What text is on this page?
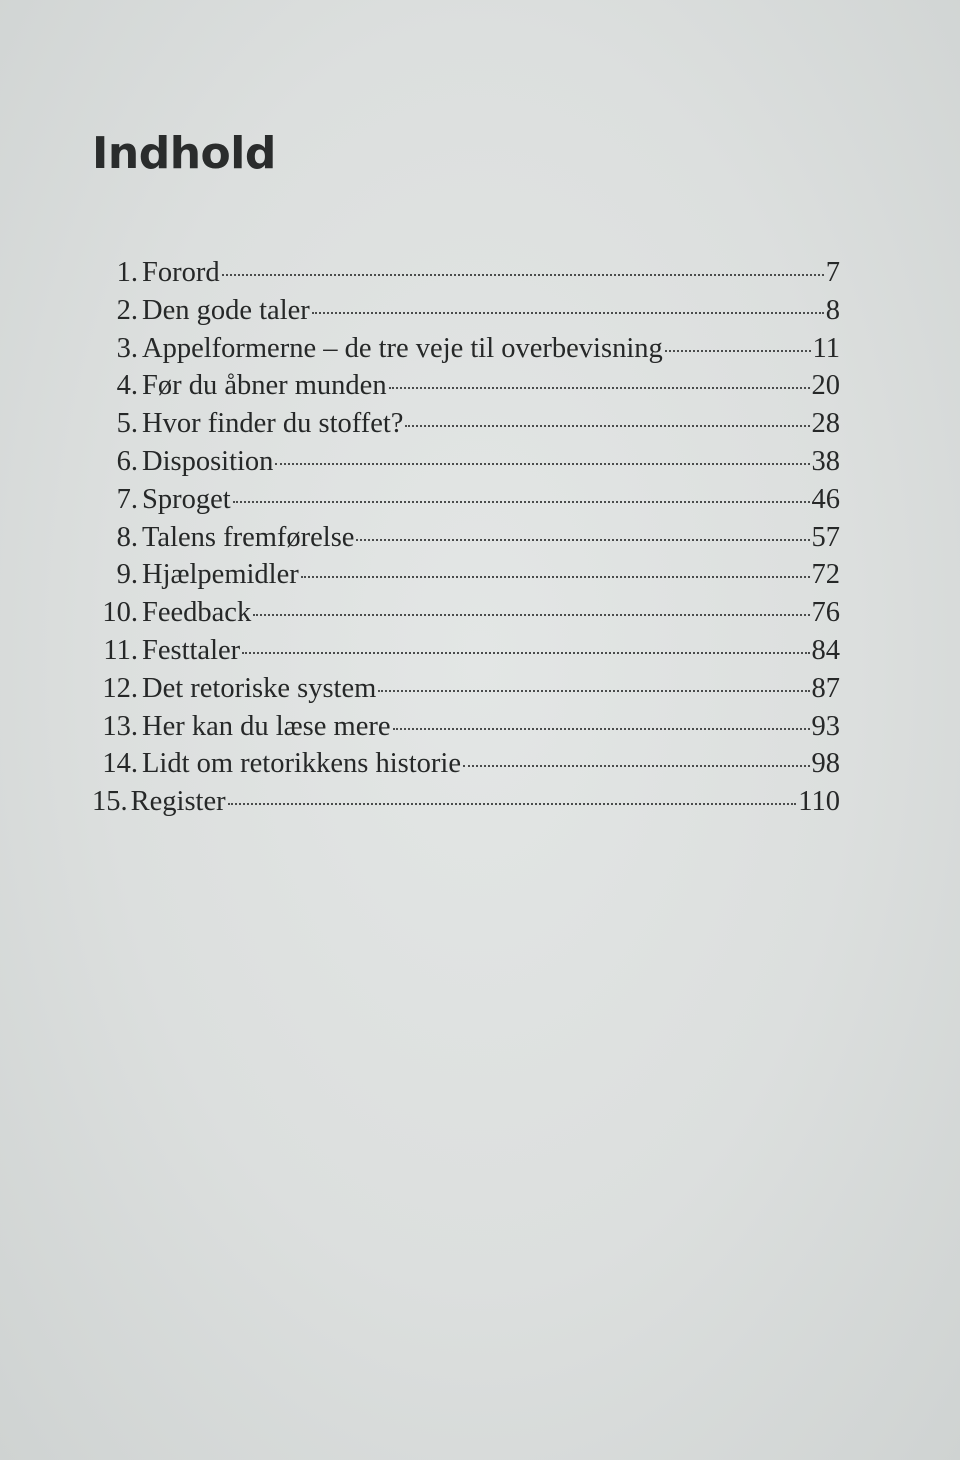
Indhold
1. Forord	7
2. Den gode taler	8
3. Appelformerne – de tre veje til overbevisning	11
4. Før du åbner munden	20
5. Hvor finder du stoffet?	28
6. Disposition	38
7. Sproget	46
8. Talens fremførelse	57
9. Hjælpemidler	72
10. Feedback	76
11. Festtaler	84
12. Det retoriske system	87
13. Her kan du læse mere	93
14. Lidt om retorikkens historie	98
15. Register	110
